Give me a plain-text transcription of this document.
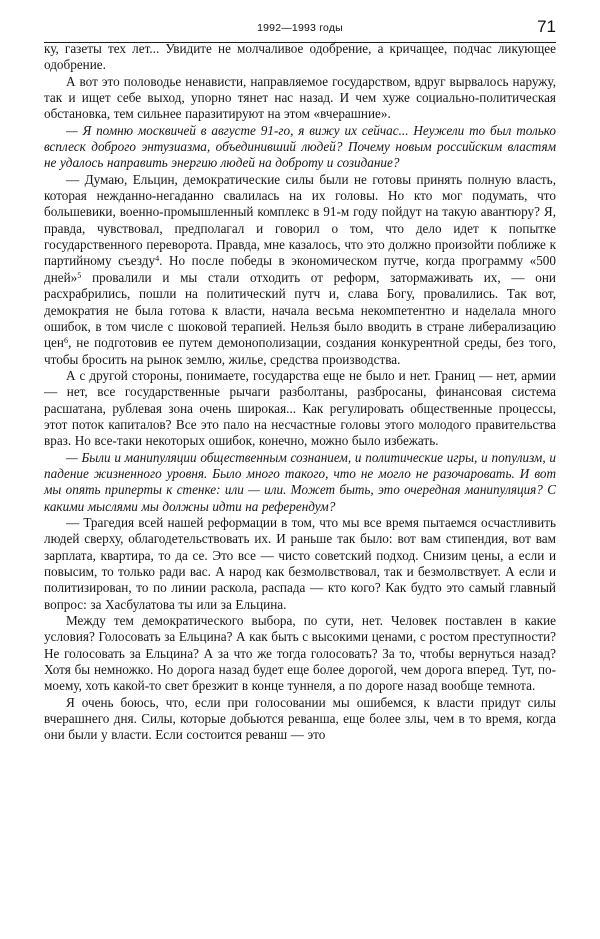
1992—1993 годы	71

ку, газеты тех лет... Увидите не молчаливое одобрение, а кричащее, подчас ликующее одобрение.

А вот это половодье ненависти, направляемое государством, вдруг вырвалось наружу, так и ищет себе выход, упорно тянет нас назад. И чем хуже социально-политическая обстановка, тем сильнее паразитируют на этом «вчерашние».

— Я помню москвичей в августе 91-го, я вижу их сейчас... Неужели то был только всплеск доброго энтузиазма, объединивший людей? Почему новым российским властям не удалось направить энергию людей на доброту и созидание?

— Думаю, Ельцин, демократические силы были не готовы принять полную власть, которая нежданно-негаданно свалилась на их головы. Но кто мог подумать, что большевики, военно-промышленный комплекс в 91-м году пойдут на такую авантюру? Я, правда, чувствовал, предполагал и говорил о том, что дело идет к попытке государственного переворота. Правда, мне казалось, что это должно произойти поближе к партийному съезду$^4$. Но после победы в экономическом путче, когда программу «500 дней»$^5$ провалили и мы стали отходить от реформ, затормаживать их, — они расхрабрились, пошли на политический путч и, слава Богу, провалились. Так вот, демократия не была готова к власти, начала весьма некомпетентно и наделала много ошибок, в том числе с шоковой терапией. Нельзя было вводить в стране либерализацию цен$^6$, не подготовив ее путем демонополизации, создания конкурентной среды, без того, чтобы бросить на рынок землю, жилье, средства производства.

А с другой стороны, понимаете, государства еще не было и нет. Границ — нет, армии — нет, все государственные рычаги разболтаны, разбросаны, финансовая система расшатана, рублевая зона очень широкая... Как регулировать общественные процессы, этот поток капиталов? Все это пало на несчастные головы этого молодого правительства враз. Но все-таки некоторых ошибок, конечно, можно было избежать.

— Были и манипуляции общественным сознанием, и политические игры, и популизм, и падение жизненного уровня. Было много такого, что не могло не разочаровать. И вот мы опять приперты к стенке: или — или. Может быть, это очередная манипуляция? С какими мыслями мы должны идти на референдум?

— Трагедия всей нашей реформации в том, что мы все время пытаемся осчастливить людей сверху, облагодетельствовать их. И раньше так было: вот вам стипендия, вот вам зарплата, квартира, то да се. Это все — чисто советский подход. Снизим цены, а если и повысим, то только ради вас. А народ как безмолвствовал, так и безмолвствует. А если и политизирован, то по линии раскола, распада — кто кого? Как будто это самый главный вопрос: за Хасбулатова ты или за Ельцина.

Между тем демократического выбора, по сути, нет. Человек поставлен в какие условия? Голосовать за Ельцина? А как быть с высокими ценами, с ростом преступности? Не голосовать за Ельцина? А за что же тогда голосовать? За то, чтобы вернуться назад? Хотя бы немножко. Но дорога назад будет еще более дорогой, чем дорога вперед. Тут, по-моему, хоть какой-то свет брезжит в конце туннеля, а по дороге назад вообще темнота.

Я очень боюсь, что, если при голосовании мы ошибемся, к власти придут силы вчерашнего дня. Силы, которые добьются реванша, еще более злы, чем в то время, когда они были у власти. Если состоится реванш — это
